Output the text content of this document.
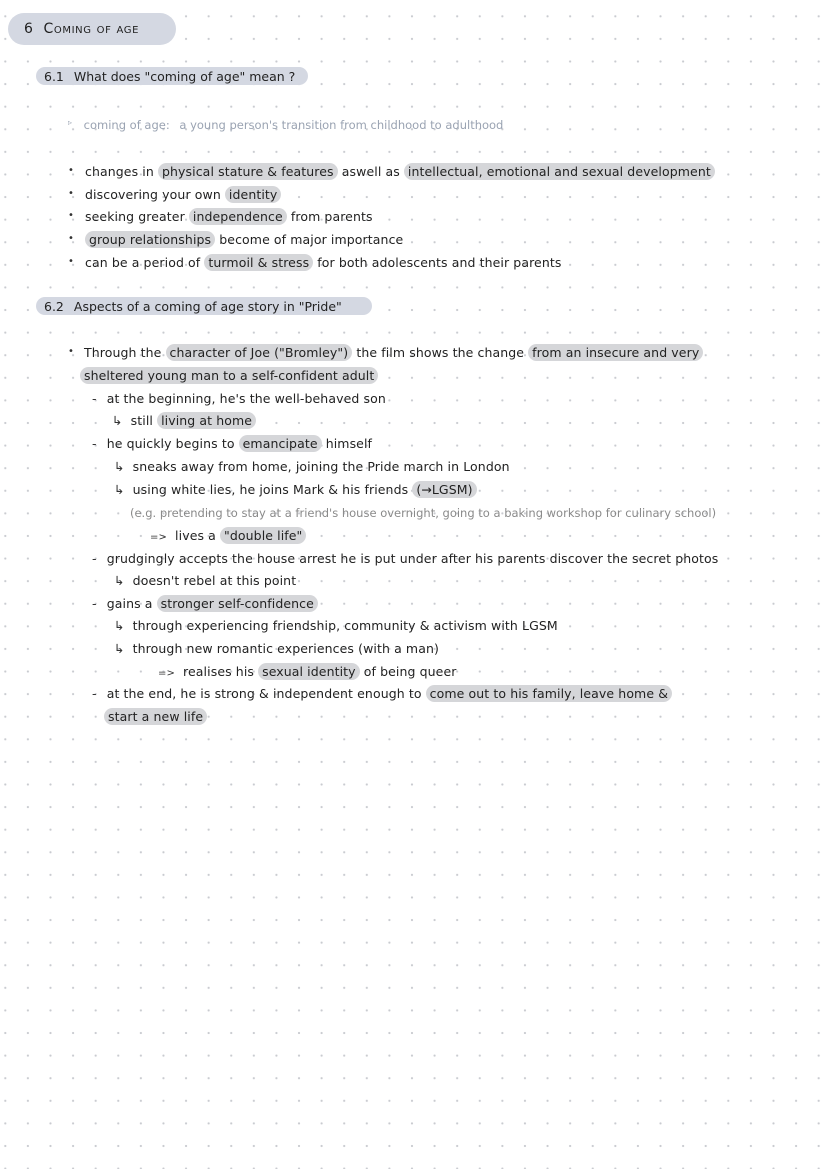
6 Coming of age
6.1 What does "coming of age" mean ?
▹ coming of age: a young person's transition from childhood to adulthood
• changes in physical stature & features aswell as intellectual, emotional and sexual development
• discovering your own identity
• seeking greater independence from parents
• group relationships become of major importance
• can be a period of turmoil & stress for both adolescents and their parents
6.2 Aspects of a coming of age story in "Pride"
• Through the character of Joe ("Bromley") the film shows the change from an insecure and very
sheltered young man to a self-confident adult
- at the beginning, he's the well-behaved son
↳ still living at home
- he quickly begins to emancipate himself
↳ sneaks away from home, joining the Pride march in London
↳ using white lies, he joins Mark & his friends (→LGSM)
(e.g. pretending to stay at a friend's house overnight, going to a baking workshop for culinary school)
=> lives a "double life"
- grudgingly accepts the house arrest he is put under after his parents discover the secret photos
↳ doesn't rebel at this point
- gains a stronger self-confidence
↳ through experiencing friendship, community & activism with LGSM
↳ through new romantic experiences (with a man)
=> realises his sexual identity of being queer
- at the end, he is strong & independent enough to come out to his family, leave home &
start a new life
